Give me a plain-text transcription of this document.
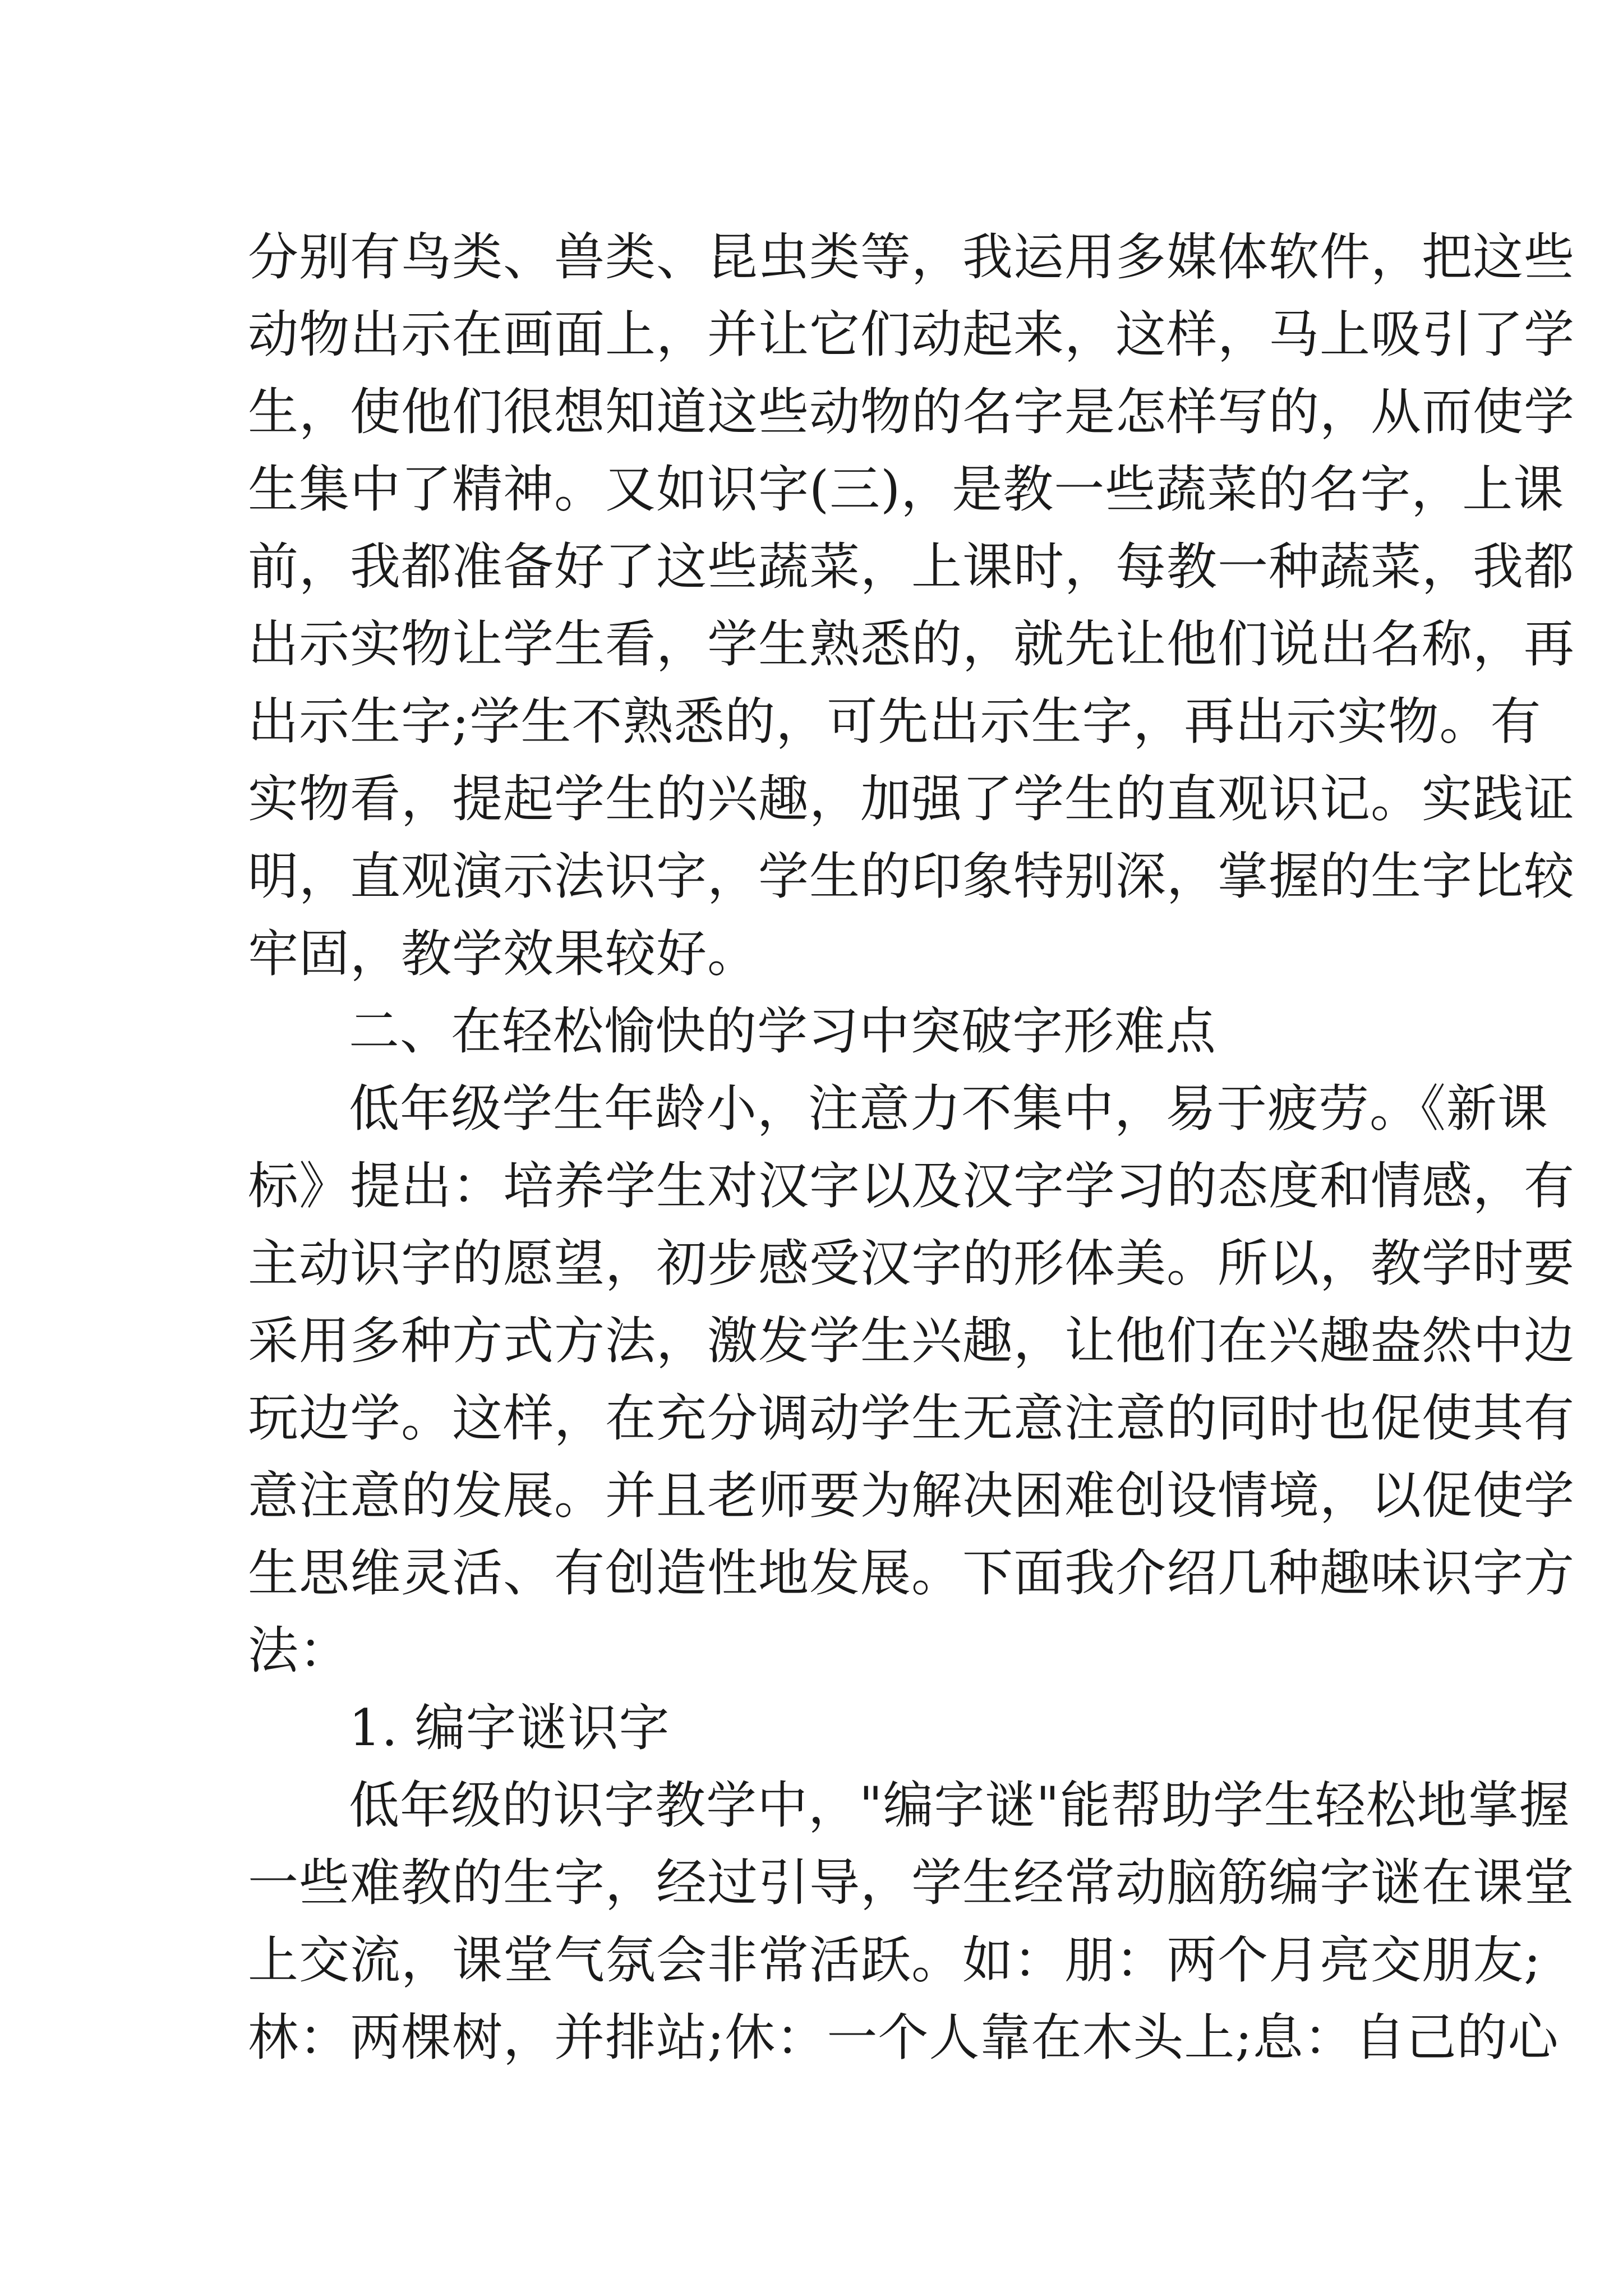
分别有鸟类、兽类、昆虫类等，我运用多媒体软件，把这些
动物出示在画面上，并让它们动起来，这样，马上吸引了学
生，使他们很想知道这些动物的名字是怎样写的，从而使学
生集中了精神。又如识字(三)，是教一些蔬菜的名字，上课
前，我都准备好了这些蔬菜，上课时，每教一种蔬菜，我都
出示实物让学生看，学生熟悉的，就先让他们说出名称，再
出示生字;学生不熟悉的，可先出示生字，再出示实物。有
实物看，提起学生的兴趣，加强了学生的直观识记。实践证
明，直观演示法识字，学生的印象特别深，掌握的生字比较
牢固，教学效果较好。
二、在轻松愉快的学习中突破字形难点
低年级学生年龄小，注意力不集中，易于疲劳。《新课
标》提出：培养学生对汉字以及汉字学习的态度和情感，有
主动识字的愿望，初步感受汉字的形体美。所以，教学时要
采用多种方式方法，激发学生兴趣，让他们在兴趣盎然中边
玩边学。这样，在充分调动学生无意注意的同时也促使其有
意注意的发展。并且老师要为解决困难创设情境，以促使学
生思维灵活、有创造性地发展。下面我介绍几种趣味识字方
法：
1. 编字谜识字
低年级的识字教学中，"编字谜"能帮助学生轻松地掌握
一些难教的生字，经过引导，学生经常动脑筋编字谜在课堂
上交流，课堂气氛会非常活跃。如：朋：两个月亮交朋友;
林：两棵树，并排站;休：一个人靠在木头上;息：自己的心
